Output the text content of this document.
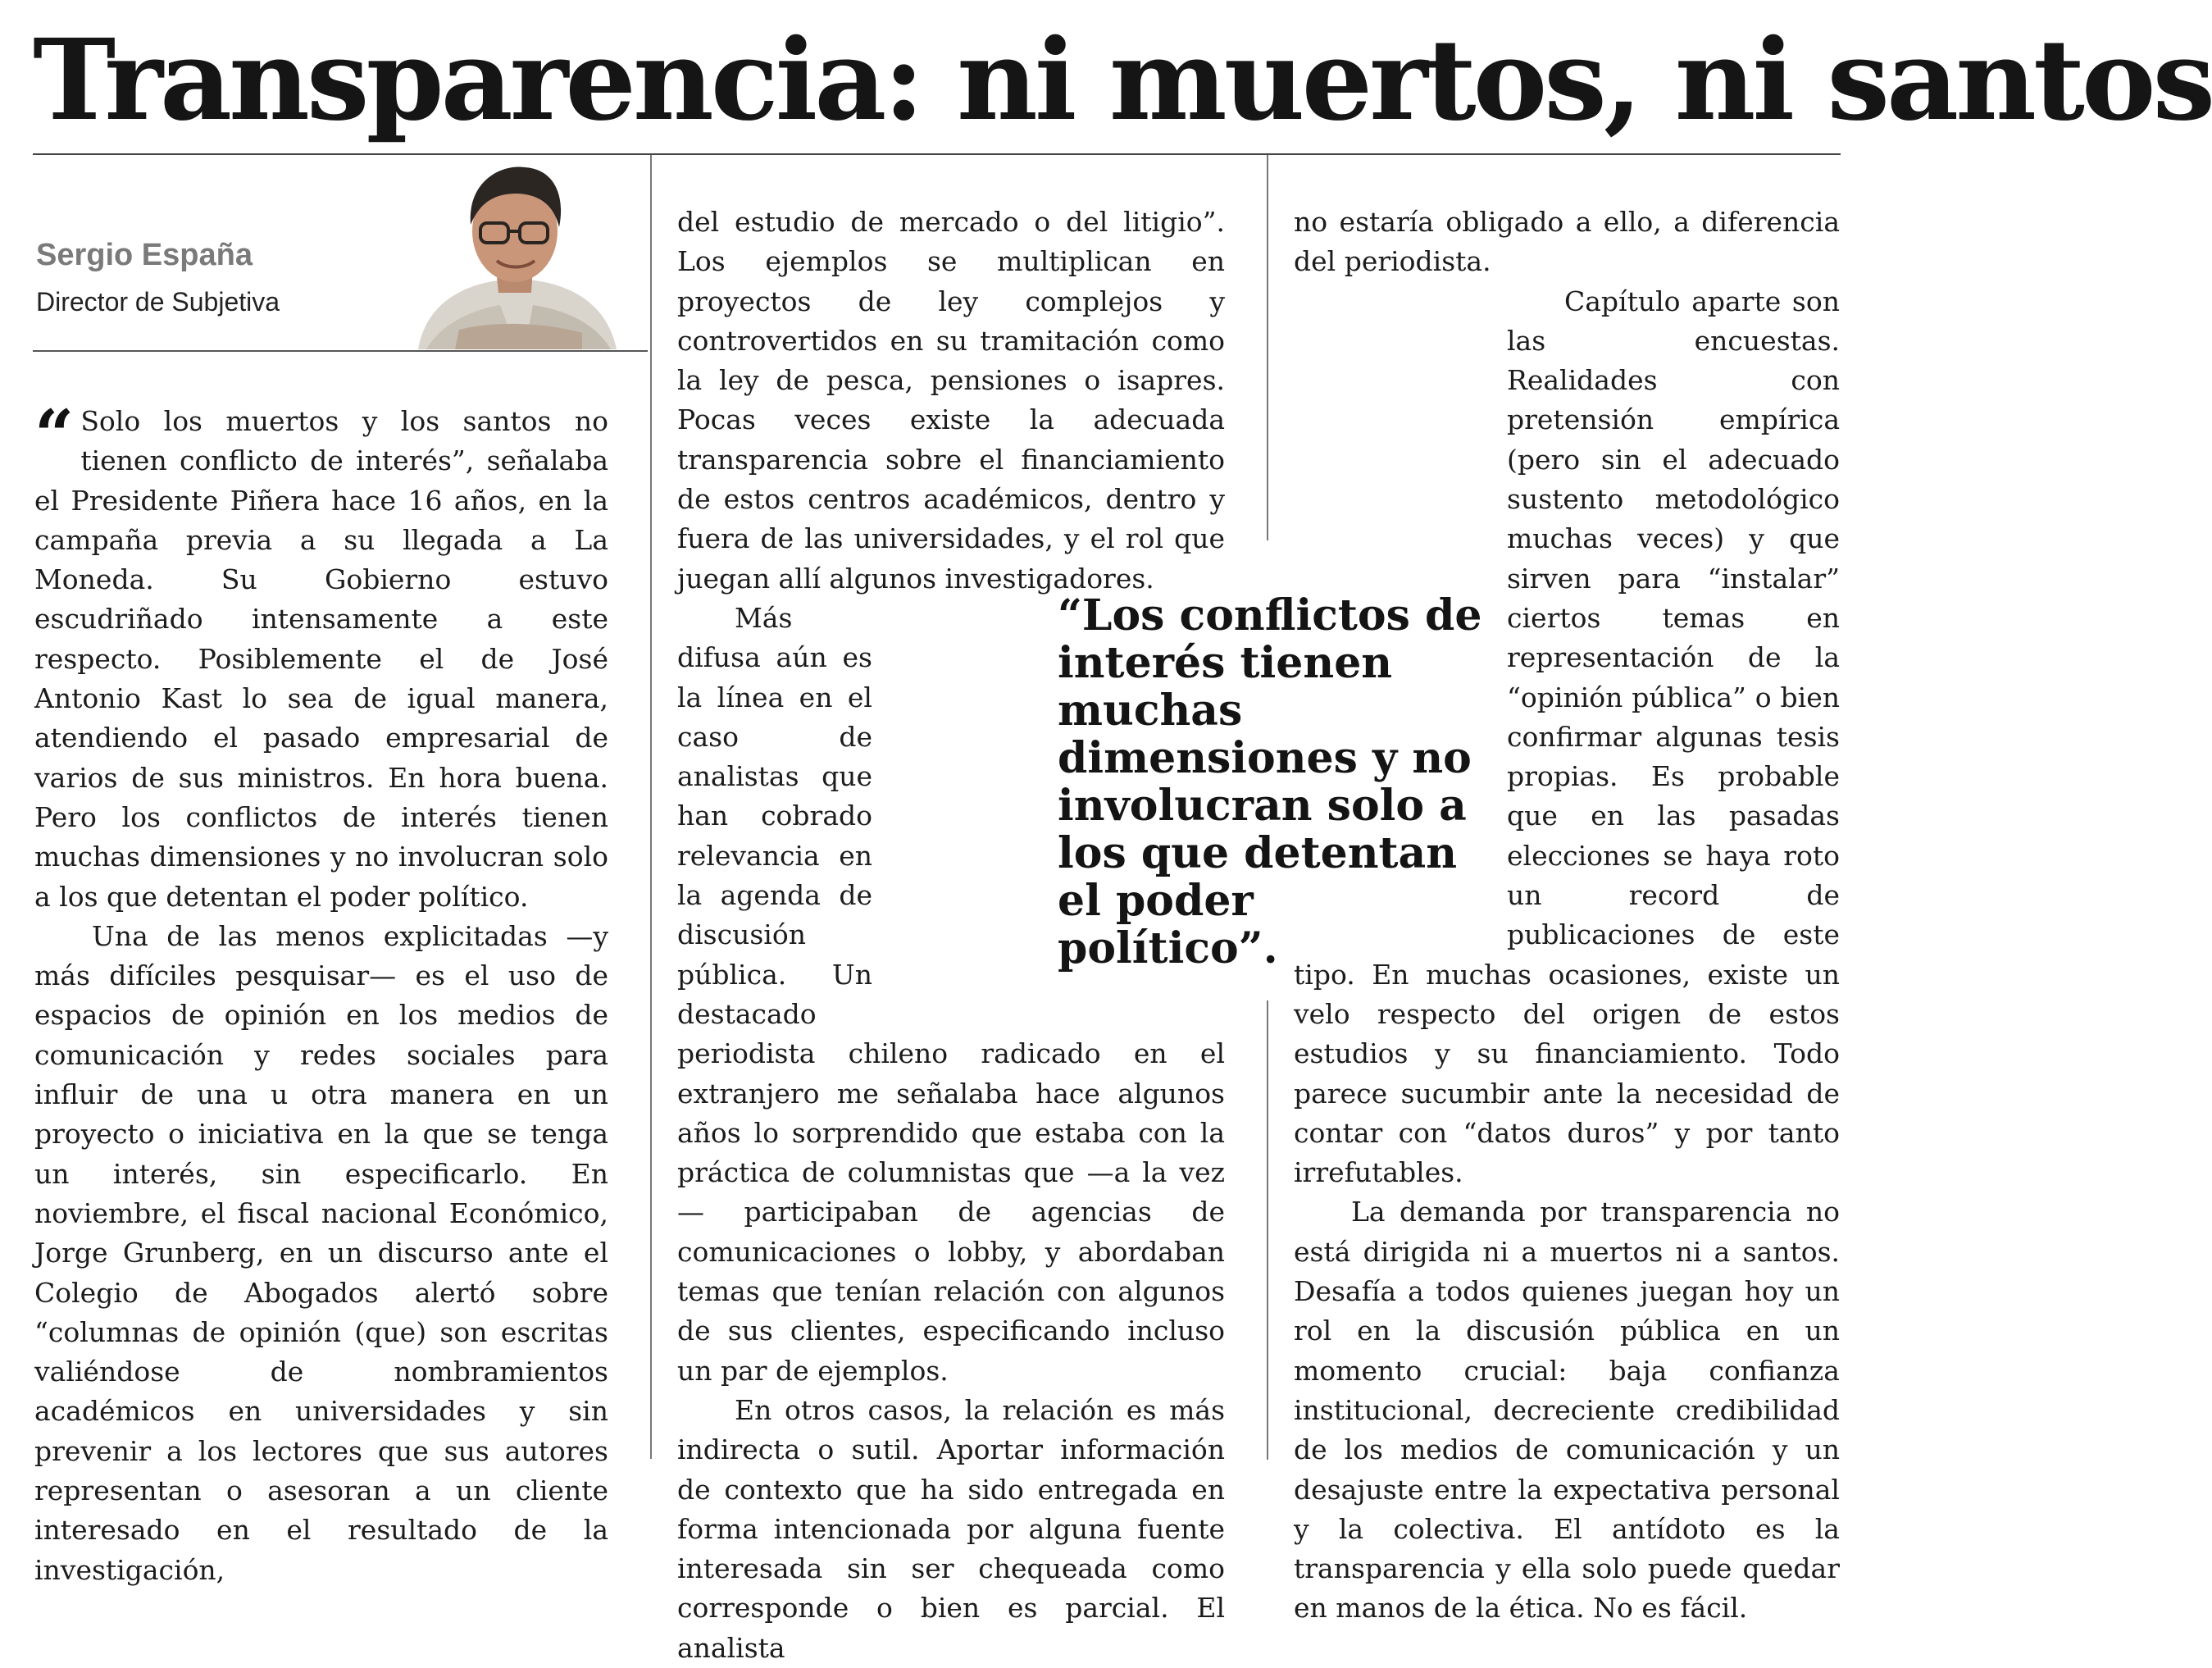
Transparencia: ni muertos, ni santos
Sergio España
Director de Subjetiva

“ Solo los muertos y los santos no tienen conflicto de interés”, señalaba el Presidente Piñera hace 16 años, en la campaña previa a su llegada a La Moneda. Su Gobierno estuvo escudriñado intensamente a este respecto. Posiblemente el de José Antonio Kast lo sea de igual manera, atendiendo el pasado empresarial de varios de sus ministros. En hora buena. Pero los conflictos de interés tienen muchas dimensiones y no involucran solo a los que detentan el poder político.

Una de las menos explicitadas —y más difíciles pesquisar— es el uso de espacios de opinión en los medios de comunicación y redes sociales para influir de una u otra manera en un proyecto o iniciativa en la que se tenga un interés, sin especificarlo. En noviembre, el fiscal nacional Económico, Jorge Grunberg, en un discurso ante el Colegio de Abogados alertó sobre “columnas de opinión (que) son escritas valiéndose de nombramientos académicos en universidades y sin prevenir a los lectores que sus autores representan o asesoran a un cliente interesado en el resultado de la investigación,

del estudio de mercado o del litigio”. Los ejemplos se multiplican en proyectos de ley complejos y controvertidos en su tramitación como la ley de pesca, pensiones o isapres. Pocas veces existe la adecuada transparencia sobre el financiamiento de estos centros académicos, dentro y fuera de las universidades, y el rol que juegan allí algunos investigadores.

Más difusa aún es la línea en el caso de analistas que han cobrado relevancia en la agenda de discusión pública. Un destacado periodista chileno radicado en el extranjero me señalaba hace algunos años lo sorprendido que estaba con la práctica de columnistas que —a la vez— participaban de agencias de comunicaciones o lobby, y abordaban temas que tenían relación con algunos de sus clientes, especificando incluso un par de ejemplos.

En otros casos, la relación es más indirecta o sutil. Aportar información de contexto que ha sido entregada en forma intencionada por alguna fuente interesada sin ser chequeada como corresponde o bien es parcial. El analista

no estaría obligado a ello, a diferencia del periodista.

Capítulo aparte son las encuestas. Realidades con pretensión empírica (pero sin el adecuado sustento metodológico muchas veces) y que sirven para “instalar” ciertos temas en representación de la “opinión pública” o bien confirmar algunas tesis propias. Es probable que en las pasadas elecciones se haya roto un record de publicaciones de este tipo. En muchas ocasiones, existe un velo respecto del origen de estos estudios y su financiamiento. Todo parece sucumbir ante la necesidad de contar con “datos duros” y por tanto irrefutables.

La demanda por transparencia no está dirigida ni a muertos ni a santos. Desafía a todos quienes juegan hoy un rol en la discusión pública en un momento crucial: baja confianza institucional, decreciente credibilidad de los medios de comunicación y un desajuste entre la expectativa personal y la colectiva. El antídoto es la transparencia y ella solo puede quedar en manos de la ética. No es fácil.

“Los conflictos de interés tienen muchas dimensiones y no involucran solo a los que detentan el poder político”.
